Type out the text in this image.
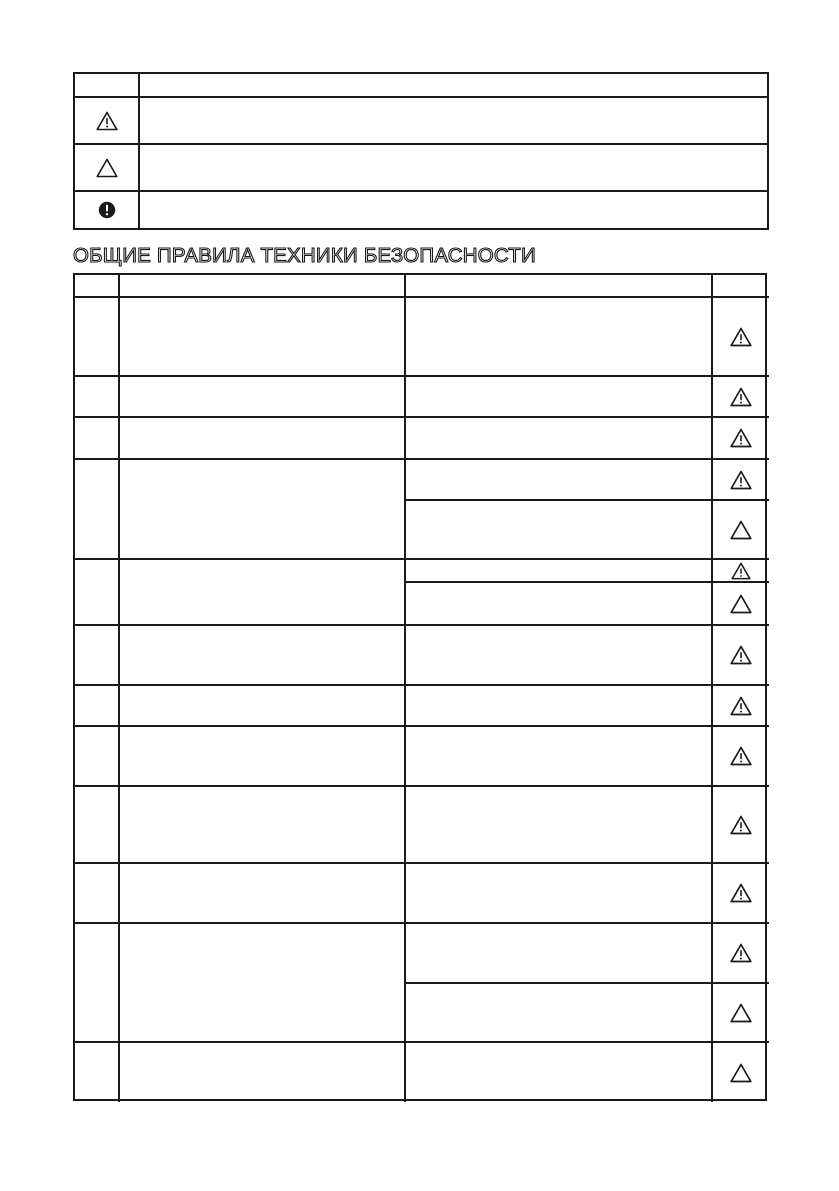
ОБЩИЕ ПРАВИЛА ТЕХНИКИ БЕЗОПАСНОСТИ
